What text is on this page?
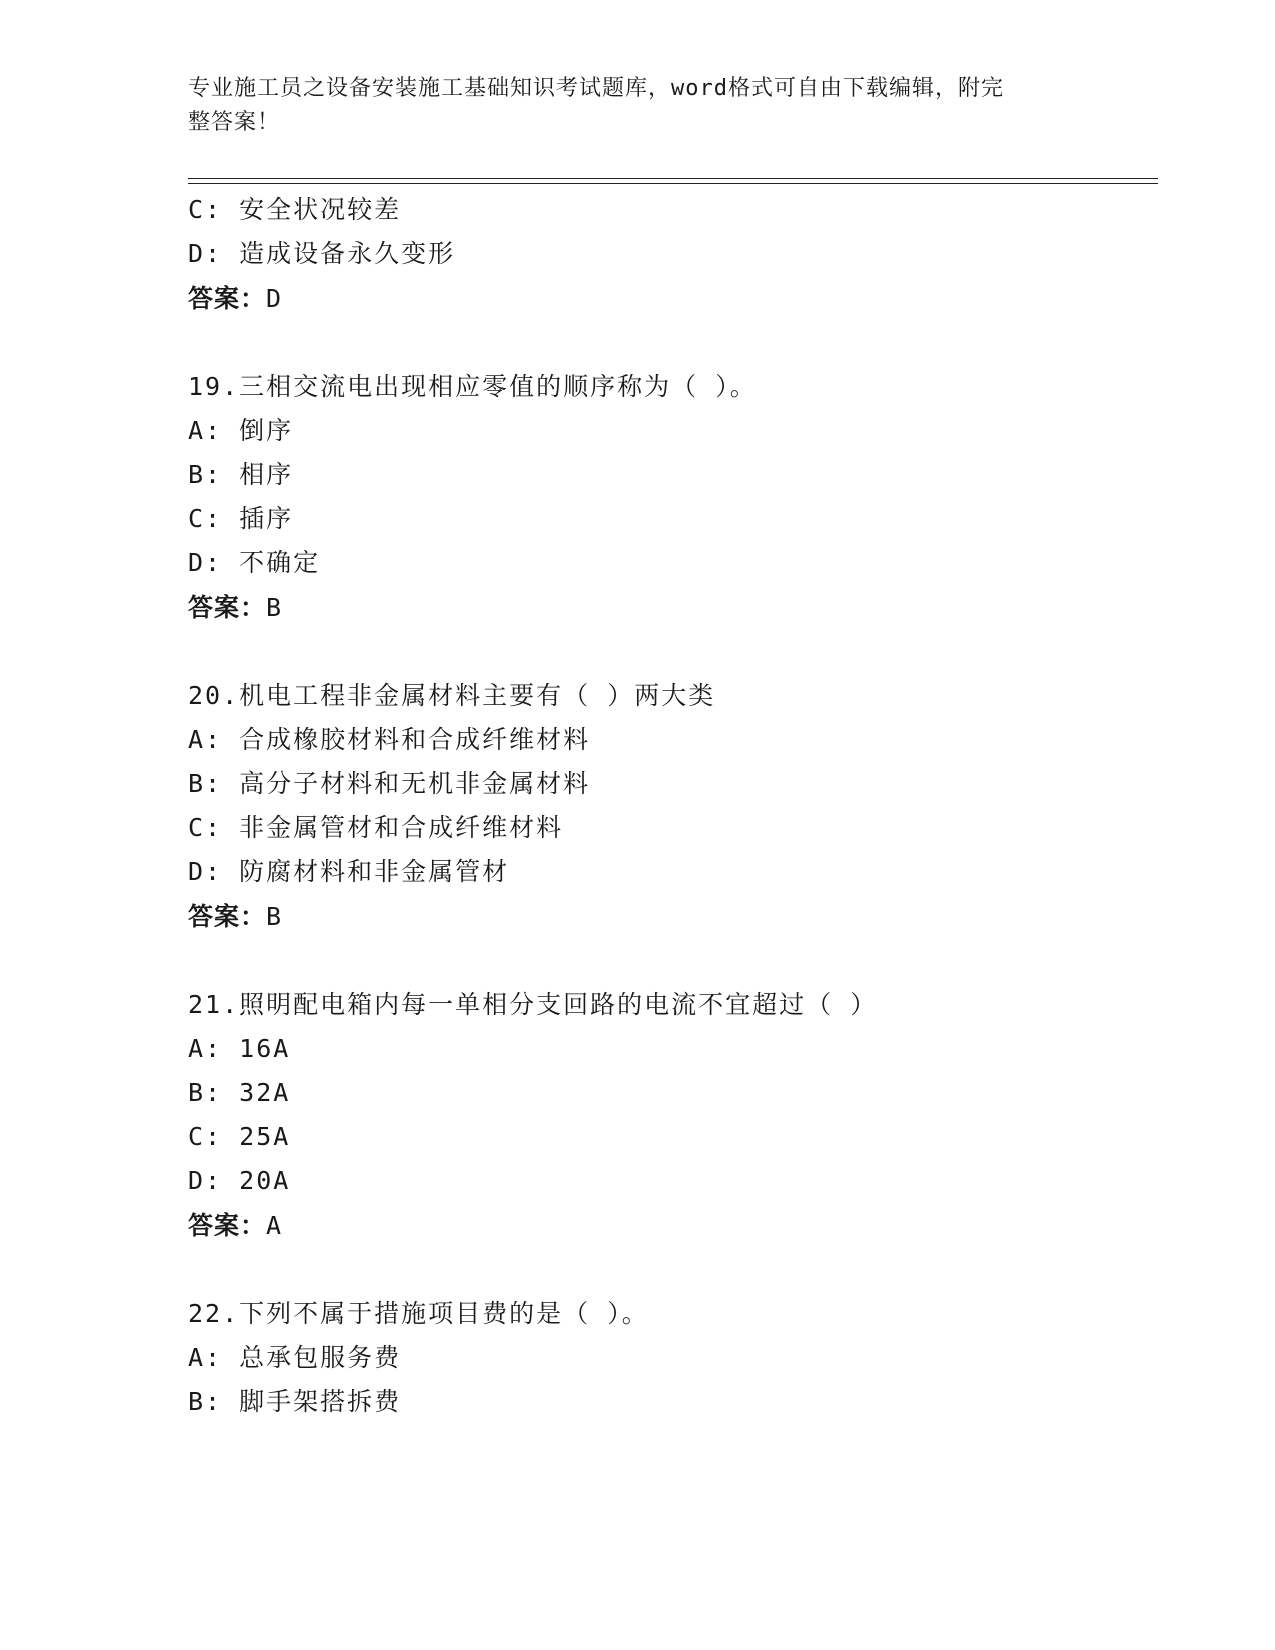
专业施工员之设备安装施工基础知识考试题库，word格式可自由下载编辑，附完
整答案！
C: 安全状况较差
D: 造成设备永久变形
答案：D
19.三相交流电出现相应零值的顺序称为（ ）。
A: 倒序
B: 相序
C: 插序
D: 不确定
答案：B
20.机电工程非金属材料主要有（ ）两大类
A: 合成橡胶材料和合成纤维材料
B: 高分子材料和无机非金属材料
C: 非金属管材和合成纤维材料
D: 防腐材料和非金属管材
答案：B
21.照明配电箱内每一单相分支回路的电流不宜超过（ ）
A: 16A
B: 32A
C: 25A
D: 20A
答案：A
22.下列不属于措施项目费的是（ ）。
A: 总承包服务费
B: 脚手架搭拆费
